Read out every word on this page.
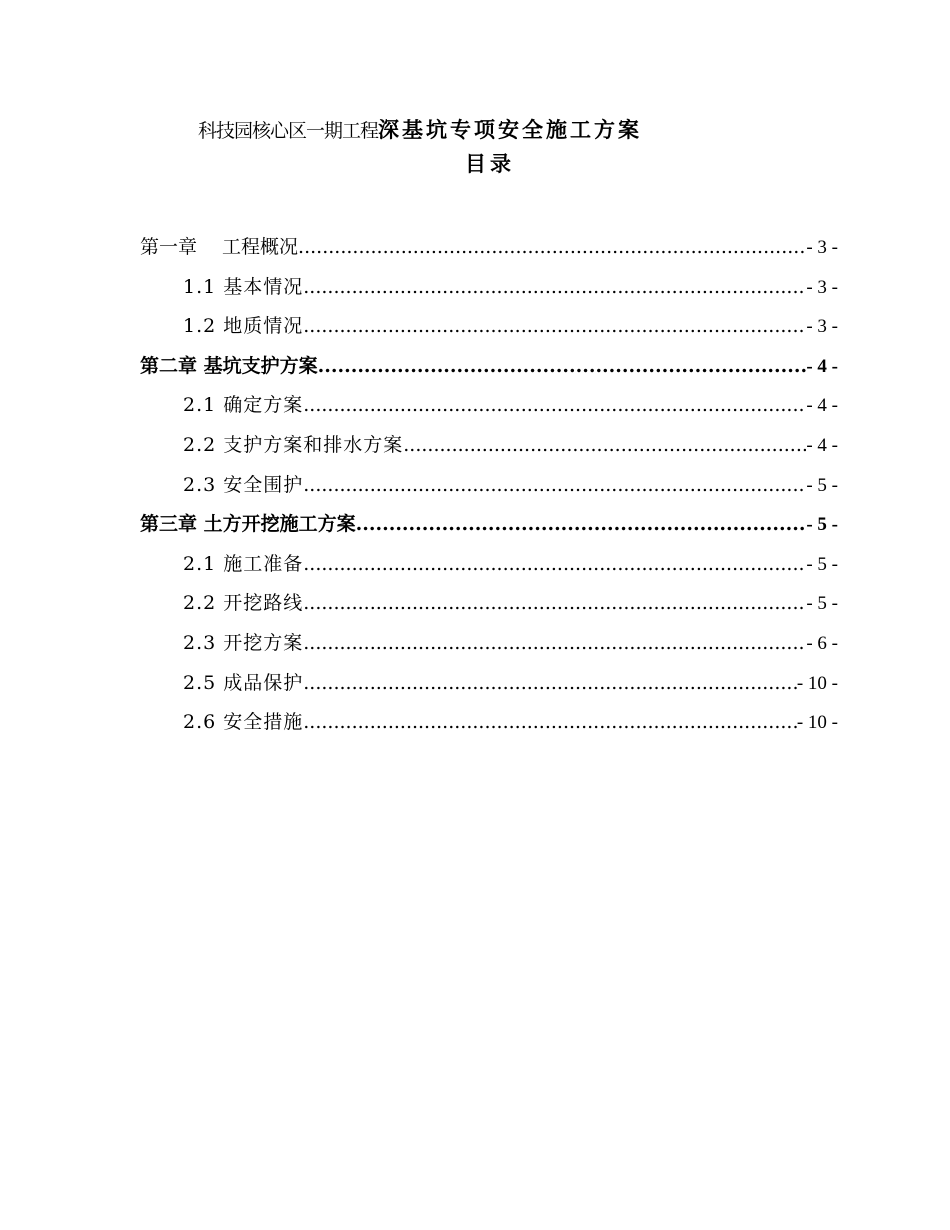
科技园核心区一期工程深基坑专项安全施工方案
目录
第一章　 工程概况 .....	- 3 -
1.1 基本情况 .....	- 3 -
1.2 地质情况 .....	- 3 -
第二章 基坑支护方案 .....	- 4 -
2.1 确定方案 .....	- 4 -
2.2 支护方案和排水方案 .....	- 4 -
2.3 安全围护 .....	- 5 -
第三章 土方开挖施工方案 .....	- 5 -
2.1 施工准备 .....	- 5 -
2.2 开挖路线 .....	- 5 -
2.3 开挖方案 .....	- 6 -
2.5 成品保护 .....	- 10 -
2.6 安全措施 .....	- 10 -
